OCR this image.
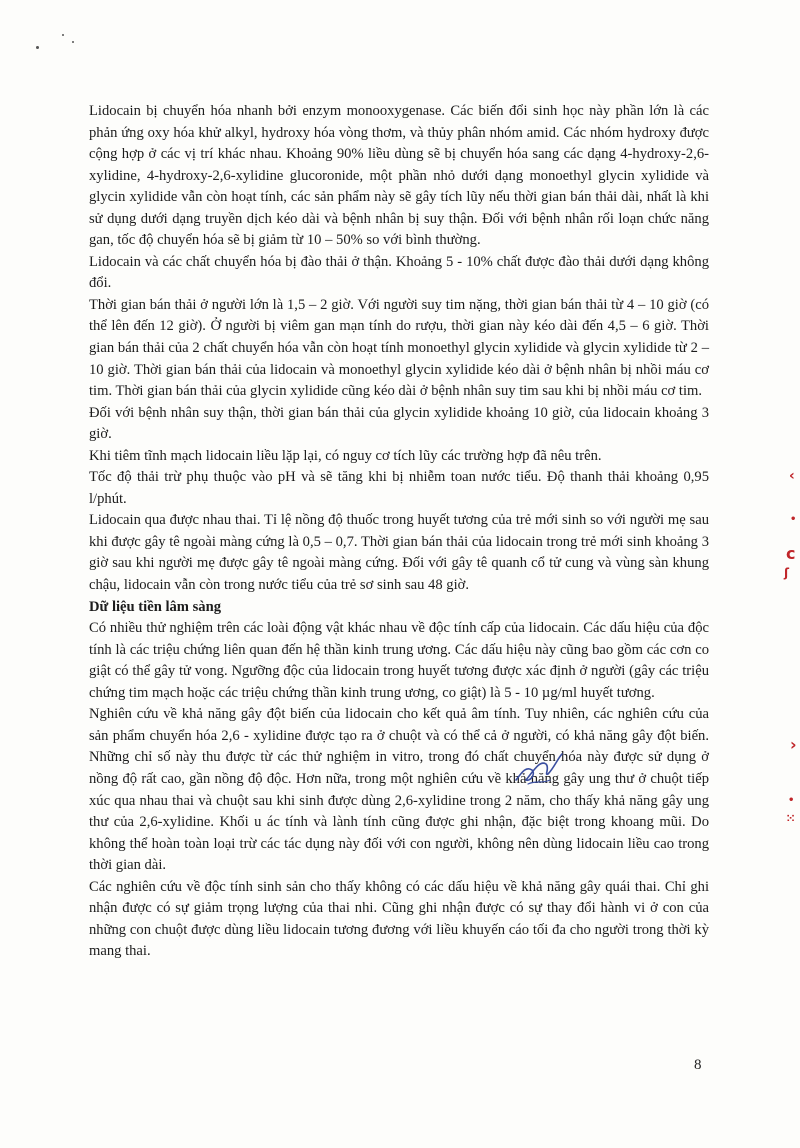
Lidocain bị chuyển hóa nhanh bởi enzym monooxygenase. Các biến đổi sinh học này phần lớn là các phản ứng oxy hóa khử alkyl, hydroxy hóa vòng thơm, và thủy phân nhóm amid. Các nhóm hydroxy được cộng hợp ở các vị trí khác nhau. Khoảng 90% liều dùng sẽ bị chuyển hóa sang các dạng 4-hydroxy-2,6-xylidine, 4-hydroxy-2,6-xylidine glucoronide, một phần nhỏ dưới dạng monoethyl glycin xylidide và glycin xylidide vẫn còn hoạt tính, các sản phẩm này sẽ gây tích lũy nếu thời gian bán thải dài, nhất là khi sử dụng dưới dạng truyền dịch kéo dài và bệnh nhân bị suy thận. Đối với bệnh nhân rối loạn chức năng gan, tốc độ chuyển hóa sẽ bị giảm từ 10 – 50% so với bình thường.

Lidocain và các chất chuyển hóa bị đào thải ở thận. Khoảng 5 - 10% chất được đào thải dưới dạng không đổi.

Thời gian bán thải ở người lớn là 1,5 – 2 giờ. Với người suy tim nặng, thời gian bán thải từ 4 – 10 giờ (có thể lên đến 12 giờ). Ở người bị viêm gan mạn tính do rượu, thời gian này kéo dài đến 4,5 – 6 giờ. Thời gian bán thải của 2 chất chuyển hóa vẫn còn hoạt tính monoethyl glycin xylidide và glycin xylidide từ 2 – 10 giờ. Thời gian bán thải của lidocain và monoethyl glycin xylidide kéo dài ở bệnh nhân bị nhồi máu cơ tim. Thời gian bán thải của glycin xylidide cũng kéo dài ở bệnh nhân suy tim sau khi bị nhồi máu cơ tim.

Đối với bệnh nhân suy thận, thời gian bán thải của glycin xylidide khoảng 10 giờ, của lidocain khoảng 3 giờ.

Khi tiêm tĩnh mạch lidocain liều lặp lại, có nguy cơ tích lũy các trường hợp đã nêu trên.

Tốc độ thải trừ phụ thuộc vào pH và sẽ tăng khi bị nhiễm toan nước tiểu. Độ thanh thải khoảng 0,95 l/phút.

Lidocain qua được nhau thai. Tỉ lệ nồng độ thuốc trong huyết tương của trẻ mới sinh so với người mẹ sau khi được gây tê ngoài màng cứng là 0,5 – 0,7. Thời gian bán thải của lidocain trong trẻ mới sinh khoảng 3 giờ sau khi người mẹ được gây tê ngoài màng cứng. Đối với gây tê quanh cổ tử cung và vùng sàn khung chậu, lidocain vẫn còn trong nước tiểu của trẻ sơ sinh sau 48 giờ.

Dữ liệu tiền lâm sàng

Có nhiều thử nghiệm trên các loài động vật khác nhau về độc tính cấp của lidocain. Các dấu hiệu của độc tính là các triệu chứng liên quan đến hệ thần kinh trung ương. Các dấu hiệu này cũng bao gồm các cơn co giật có thể gây tử vong. Ngưỡng độc của lidocain trong huyết tương được xác định ở người (gây các triệu chứng tim mạch hoặc các triệu chứng thần kinh trung ương, co giật) là 5 - 10 µg/ml huyết tương.

Nghiên cứu về khả năng gây đột biến của lidocain cho kết quả âm tính. Tuy nhiên, các nghiên cứu của sản phẩm chuyển hóa 2,6 - xylidine được tạo ra ở chuột và có thể cả ở người, có khả năng gây đột biến. Những chỉ số này thu được từ các thử nghiệm in vitro, trong đó chất chuyển hóa này được sử dụng ở nồng độ rất cao, gần nồng độ độc. Hơn nữa, trong một nghiên cứu về khả năng gây ung thư ở chuột tiếp xúc qua nhau thai và chuột sau khi sinh được dùng 2,6-xylidine trong 2 năm, cho thấy khả năng gây ung thư của 2,6-xylidine. Khối u ác tính và lành tính cũng được ghi nhận, đặc biệt trong khoang mũi. Do không thể hoàn toàn loại trừ các tác dụng này đối với con người, không nên dùng lidocain liều cao trong thời gian dài.

Các nghiên cứu về độc tính sinh sản cho thấy không có các dấu hiệu về khả năng gây quái thai. Chỉ ghi nhận được có sự giảm trọng lượng của thai nhi. Cũng ghi nhận được có sự thay đổi hành vi ở con của những con chuột được dùng liều lidocain tương đương với liều khuyến cáo tối đa cho người trong thời kỳ mang thai.

‹
•
c
ʃ
›
•
⁙
8
